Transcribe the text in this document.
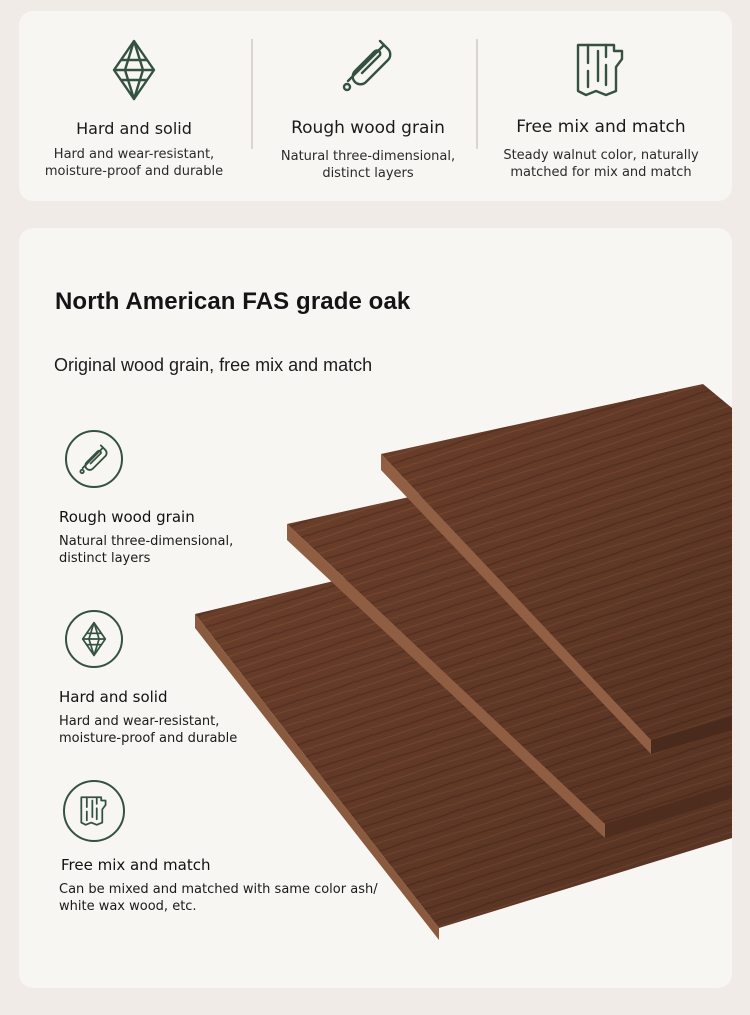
Hard and solid
Hard and wear-resistant,
moisture-proof and durable
Rough wood grain
Natural three-dimensional,
distinct layers
Free mix and match
Steady walnut color, naturally
matched for mix and match
North American FAS grade oak
Original wood grain, free mix and match
Rough wood grain
Natural three-dimensional,
distinct layers
Hard and solid
Hard and wear-resistant,
moisture-proof and durable
Free mix and match
Can be mixed and matched with same color ash/
white wax wood, etc.
